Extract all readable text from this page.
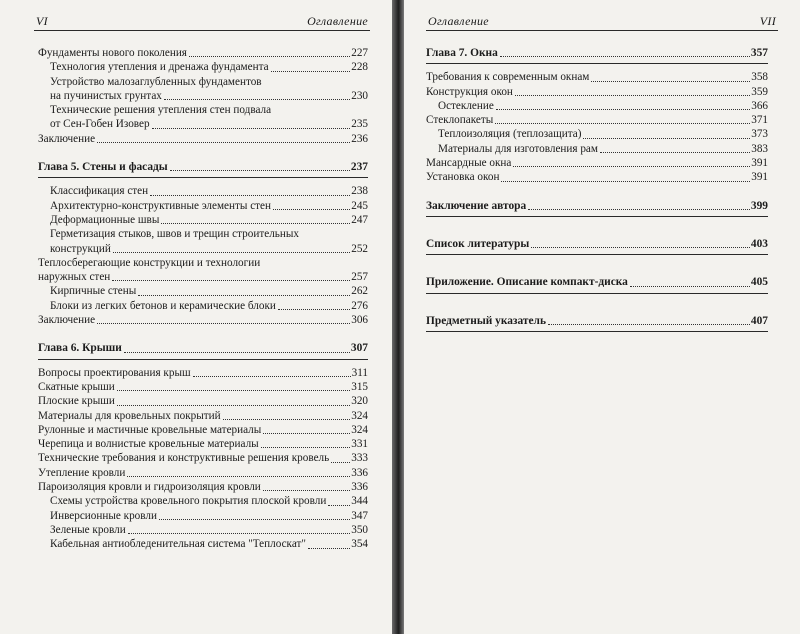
VI	Оглавление
Фундаменты нового поколения	227
Технология утепления и дренажа фундамента	228
Устройство малозаглубленных фундаментов
на пучинистых грунтах	230
Технические решения утепления стен подвала
от Сен-Гобен Изовер	235
Заключение	236
Глава 5. Стены и фасады	237
Классификация стен	238
Архитектурно-конструктивные элементы стен	245
Деформационные швы	247
Герметизация стыков, швов и трещин строительных
конструкций	252
Теплосберегающие конструкции и технологии
наружных стен	257
Кирпичные стены	262
Блоки из легких бетонов и керамические блоки	276
Заключение	306
Глава 6. Крыши	307
Вопросы проектирования крыш	311
Скатные крыши	315
Плоские крыши	320
Материалы для кровельных покрытий	324
Рулонные и мастичные кровельные материалы	324
Черепица и волнистые кровельные материалы	331
Технические требования и конструктивные решения кровель 333
Утепление кровли	336
Пароизоляция кровли и гидроизоляция кровли	336
Схемы устройства кровельного покрытия плоской кровли 344
Инверсионные кровли	347
Зеленые кровли	350
Кабельная антиобледенительная система "Теплоскат"	354
Оглавление	VII
Глава 7. Окна	357
Требования к современным окнам	358
Конструкция окон	359
Остекление	366
Стеклопакеты	371
Теплоизоляция (теплозащита)	373
Материалы для изготовления рам	383
Мансардные окна	391
Установка окон	391
Заключение автора	399
Список литературы	403
Приложение. Описание компакт-диска	405
Предметный указатель	407
